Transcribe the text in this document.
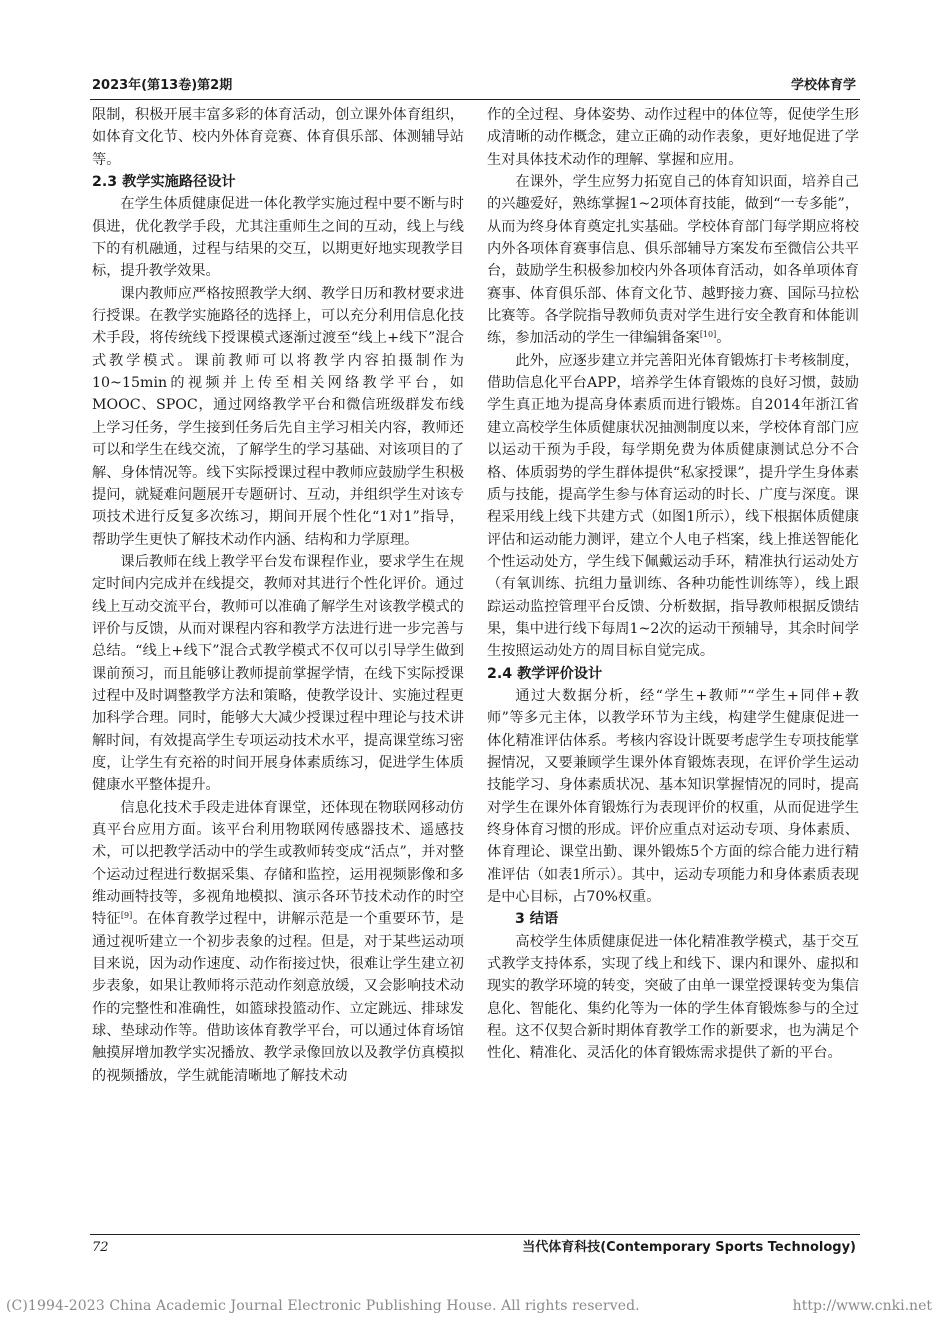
2023年(第13卷)第2期	学校体育学

限制，积极开展丰富多彩的体育活动，创立课外体育组织，如体育文化节、校内外体育竞赛、体育俱乐部、体测辅导站等。

2.3 教学实施路径设计

在学生体质健康促进一体化教学实施过程中要不断与时俱进，优化教学手段，尤其注重师生之间的互动，线上与线下的有机融通，过程与结果的交互，以期更好地实现教学目标，提升教学效果。

课内教师应严格按照教学大纲、教学日历和教材要求进行授课。在教学实施路径的选择上，可以充分利用信息化技术手段，将传统线下授课模式逐渐过渡至“线上+线下”混合式教学模式。课前教师可以将教学内容拍摄制作为10~15min的视频并上传至相关网络教学平台，如MOOC、SPOC，通过网络教学平台和微信班级群发布线上学习任务，学生接到任务后先自主学习相关内容，教师还可以和学生在线交流，了解学生的学习基础、对该项目的了解、身体情况等。线下实际授课过程中教师应鼓励学生积极提问，就疑难问题展开专题研讨、互动，并组织学生对该专项技术进行反复多次练习，期间开展个性化“1对1”指导，帮助学生更快了解技术动作内涵、结构和力学原理。

课后教师在线上教学平台发布课程作业，要求学生在规定时间内完成并在线提交，教师对其进行个性化评价。通过线上互动交流平台，教师可以准确了解学生对该教学模式的评价与反馈，从而对课程内容和教学方法进行进一步完善与总结。“线上+线下”混合式教学模式不仅可以引导学生做到课前预习，而且能够让教师提前掌握学情，在线下实际授课过程中及时调整教学方法和策略，使教学设计、实施过程更加科学合理。同时，能够大大减少授课过程中理论与技术讲解时间，有效提高学生专项运动技术水平，提高课堂练习密度，让学生有充裕的时间开展身体素质练习，促进学生体质健康水平整体提升。

信息化技术手段走进体育课堂，还体现在物联网移动仿真平台应用方面。该平台利用物联网传感器技术、遥感技术，可以把教学活动中的学生或教师转变成“活点”，并对整个运动过程进行数据采集、存储和监控，运用视频影像和多维动画特技等，多视角地模拟、演示各环节技术动作的时空特征[9]。在体育教学过程中，讲解示范是一个重要环节，是通过视听建立一个初步表象的过程。但是，对于某些运动项目来说，因为动作速度、动作衔接过快，很难让学生建立初步表象，如果让教师将示范动作刻意放缓，又会影响技术动作的完整性和准确性，如篮球投篮动作、立定跳远、排球发球、垫球动作等。借助该体育教学平台，可以通过体育场馆触摸屏增加教学实况播放、教学录像回放以及教学仿真模拟的视频播放，学生就能清晰地了解技术动

作的全过程、身体姿势、动作过程中的体位等，促使学生形成清晰的动作概念，建立正确的动作表象，更好地促进了学生对具体技术动作的理解、掌握和应用。

在课外，学生应努力拓宽自己的体育知识面，培养自己的兴趣爱好，熟练掌握1~2项体育技能，做到“一专多能”，从而为终身体育奠定扎实基础。学校体育部门每学期应将校内外各项体育赛事信息、俱乐部辅导方案发布至微信公共平台，鼓励学生积极参加校内外各项体育活动，如各单项体育赛事、体育俱乐部、体育文化节、越野接力赛、国际马拉松比赛等。各学院指导教师负责对学生进行安全教育和体能训练，参加活动的学生一律编辑备案[10]。

此外，应逐步建立并完善阳光体育锻炼打卡考核制度，借助信息化平台APP，培养学生体育锻炼的良好习惯，鼓励学生真正地为提高身体素质而进行锻炼。自2014年浙江省建立高校学生体质健康状况抽测制度以来，学校体育部门应以运动干预为手段，每学期免费为体质健康测试总分不合格、体质弱势的学生群体提供“私家授课”，提升学生身体素质与技能，提高学生参与体育运动的时长、广度与深度。课程采用线上线下共建方式（如图1所示），线下根据体质健康评估和运动能力测评，建立个人电子档案，线上推送智能化个性运动处方，学生线下佩戴运动手环，精准执行运动处方（有氧训练、抗组力量训练、各种功能性训练等），线上跟踪运动监控管理平台反馈、分析数据，指导教师根据反馈结果，集中进行线下每周1~2次的运动干预辅导，其余时间学生按照运动处方的周目标自觉完成。

2.4 教学评价设计

通过大数据分析，经“学生+教师”“学生+同伴+教师”等多元主体，以教学环节为主线，构建学生健康促进一体化精准评估体系。考核内容设计既要考虑学生专项技能掌握情况，又要兼顾学生课外体育锻炼表现，在评价学生运动技能学习、身体素质状况、基本知识掌握情况的同时，提高对学生在课外体育锻炼行为表现评价的权重，从而促进学生终身体育习惯的形成。评价应重点对运动专项、身体素质、体育理论、课堂出勤、课外锻炼5个方面的综合能力进行精准评估（如表1所示）。其中，运动专项能力和身体素质表现是中心目标，占70%权重。

3 结语

高校学生体质健康促进一体化精准教学模式，基于交互式教学支持体系，实现了线上和线下、课内和课外、虚拟和现实的教学环境的转变，突破了由单一课堂授课转变为集信息化、智能化、集约化等为一体的学生体育锻炼参与的全过程。这不仅契合新时期体育教学工作的新要求，也为满足个性化、精准化、灵活化的体育锻炼需求提供了新的平台。

72	当代体育科技(Contemporary Sports Technology)
(C)1994-2023 China Academic Journal Electronic Publishing House. All rights reserved.	http://www.cnki.net
